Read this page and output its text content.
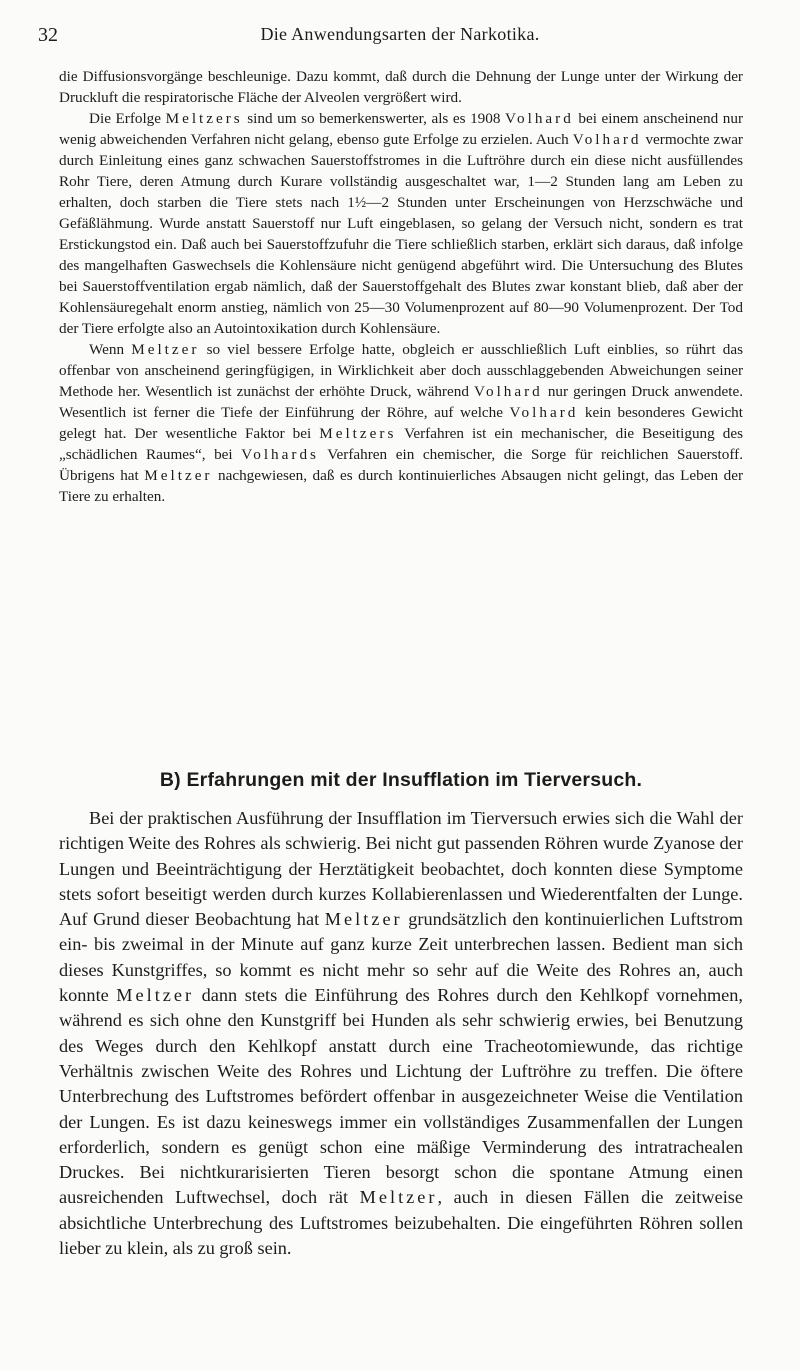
32	Die Anwendungsarten der Narkotika.

die Diffusionsvorgänge beschleunige. Dazu kommt, daß durch die Dehnung der Lunge unter der Wirkung der Druckluft die respiratorische Fläche der Alveolen vergrößert wird.

Die Erfolge Meltzers sind um so bemerkenswerter, als es 1908 Volhard bei einem anscheinend nur wenig abweichenden Verfahren nicht gelang, ebenso gute Erfolge zu erzielen. Auch Volhard vermochte zwar durch Einleitung eines ganz schwachen Sauerstoffstromes in die Luftröhre durch ein diese nicht ausfüllendes Rohr Tiere, deren Atmung durch Kurare vollständig ausgeschaltet war, 1—2 Stunden lang am Leben zu erhalten, doch starben die Tiere stets nach 1½—2 Stunden unter Erscheinungen von Herzschwäche und Gefäßlähmung. Wurde anstatt Sauerstoff nur Luft eingeblasen, so gelang der Versuch nicht, sondern es trat Erstickungstod ein. Daß auch bei Sauerstoffzufuhr die Tiere schließlich starben, erklärt sich daraus, daß infolge des mangelhaften Gaswechsels die Kohlensäure nicht genügend abgeführt wird. Die Untersuchung des Blutes bei Sauerstoffventilation ergab nämlich, daß der Sauerstoffgehalt des Blutes zwar konstant blieb, daß aber der Kohlensäuregehalt enorm anstieg, nämlich von 25—30 Volumenprozent auf 80—90 Volumenprozent. Der Tod der Tiere erfolgte also an Autointoxikation durch Kohlensäure.

Wenn Meltzer so viel bessere Erfolge hatte, obgleich er ausschließlich Luft einblies, so rührt das offenbar von anscheinend geringfügigen, in Wirklichkeit aber doch ausschlaggebenden Abweichungen seiner Methode her. Wesentlich ist zunächst der erhöhte Druck, während Volhard nur geringen Druck anwendete. Wesentlich ist ferner die Tiefe der Einführung der Röhre, auf welche Volhard kein besonderes Gewicht gelegt hat. Der wesentliche Faktor bei Meltzers Verfahren ist ein mechanischer, die Beseitigung des „schädlichen Raumes“, bei Volhards Verfahren ein chemischer, die Sorge für reichlichen Sauerstoff. Übrigens hat Meltzer nachgewiesen, daß es durch kontinuierliches Absaugen nicht gelingt, das Leben der Tiere zu erhalten.

B) Erfahrungen mit der Insufflation im Tierversuch.

Bei der praktischen Ausführung der Insufflation im Tierversuch erwies sich die Wahl der richtigen Weite des Rohres als schwierig. Bei nicht gut passenden Röhren wurde Zyanose der Lungen und Beeinträchtigung der Herztätigkeit beobachtet, doch konnten diese Symptome stets sofort beseitigt werden durch kurzes Kollabierenlassen und Wiederentfalten der Lunge. Auf Grund dieser Beobachtung hat Meltzer grundsätzlich den kontinuierlichen Luftstrom ein- bis zweimal in der Minute auf ganz kurze Zeit unterbrechen lassen. Bedient man sich dieses Kunstgriffes, so kommt es nicht mehr so sehr auf die Weite des Rohres an, auch konnte Meltzer dann stets die Einführung des Rohres durch den Kehlkopf vornehmen, während es sich ohne den Kunstgriff bei Hunden als sehr schwierig erwies, bei Benutzung des Weges durch den Kehlkopf anstatt durch eine Tracheotomiewunde, das richtige Verhältnis zwischen Weite des Rohres und Lichtung der Luftröhre zu treffen. Die öftere Unterbrechung des Luftstromes befördert offenbar in ausgezeichneter Weise die Ventilation der Lungen. Es ist dazu keineswegs immer ein vollständiges Zusammenfallen der Lungen erforderlich, sondern es genügt schon eine mäßige Verminderung des intratrachealen Druckes. Bei nichtkurarisierten Tieren besorgt schon die spontane Atmung einen ausreichenden Luftwechsel, doch rät Meltzer, auch in diesen Fällen die zeitweise absichtliche Unterbrechung des Luftstromes beizubehalten. Die eingeführten Röhren sollen lieber zu klein, als zu groß sein.
